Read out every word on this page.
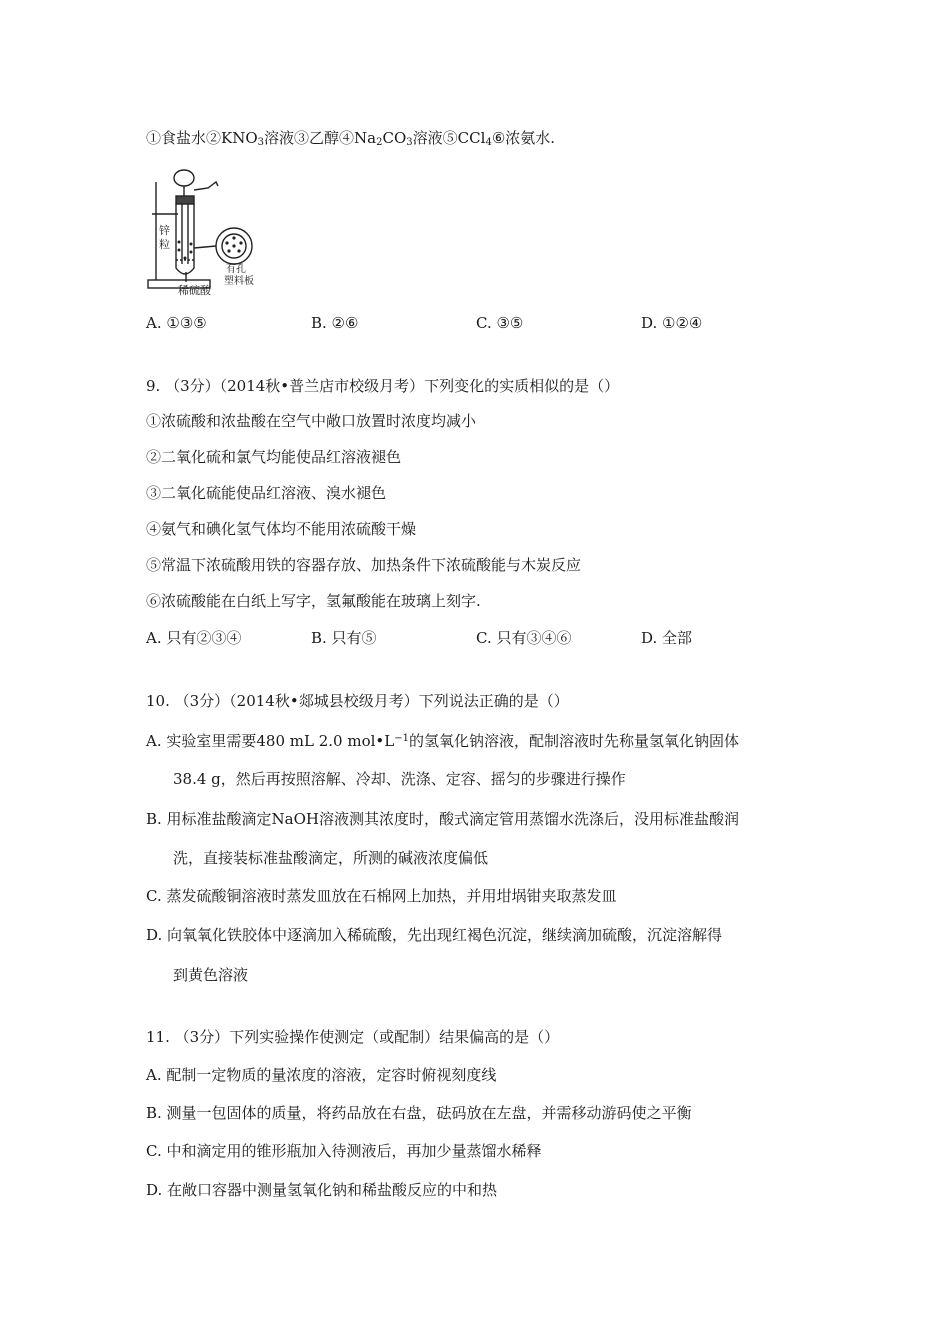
①食盐水$②KNO_3$溶液③乙醇$④Na_2CO_3$溶液⑤CCl$_4$⑥浓氨水.
锌
粒
有孔
塑料板
稀硫酸
A. ①③⑤	B. ②⑥	C. ③⑤	D. ①②④
9. （3分）（2014秋•普兰店市校级月考）下列变化的实质相似的是（）
①浓硫酸和浓盐酸在空气中敞口放置时浓度均减小
②二氧化硫和氯气均能使品红溶液褪色
③二氧化硫能使品红溶液、溴水褪色
④氨气和碘化氢气体均不能用浓硫酸干燥
⑤常温下浓硫酸用铁的容器存放、加热条件下浓硫酸能与木炭反应
⑥浓硫酸能在白纸上写字，氢氟酸能在玻璃上刻字.
A. 只有②③④	B. 只有⑤	C. 只有③④⑥	D. 全部
10. （3分）（2014秋•郯城县校级月考）下列说法正确的是（）
A. 实验室里需要480 mL 2.0 $mol•L^{-1}$的氢氧化钠溶液，配制溶液时先称量氢氧化钠固体
38.4 g，然后再按照溶解、冷却、洗涤、定容、摇匀的步骤进行操作
B. 用标准盐酸滴定NaOH溶液测其浓度时，酸式滴定管用蒸馏水洗涤后，没用标准盐酸润
洗，直接装标准盐酸滴定，所测的碱液浓度偏低
C. 蒸发硫酸铜溶液时蒸发皿放在石棉网上加热，并用坩埚钳夹取蒸发皿
D. 向氧氧化铁胶体中逐滴加入稀硫酸，先出现红褐色沉淀，继续滴加硫酸，沉淀溶解得
到黄色溶液
11. （3分）下列实验操作使测定（或配制）结果偏高的是（）
A. 配制一定物质的量浓度的溶液，定容时俯视刻度线
B. 测量一包固体的质量，将药品放在右盘，砝码放在左盘，并需移动游码使之平衡
C. 中和滴定用的锥形瓶加入待测液后，再加少量蒸馏水稀释
D. 在敞口容器中测量氢氧化钠和稀盐酸反应的中和热
